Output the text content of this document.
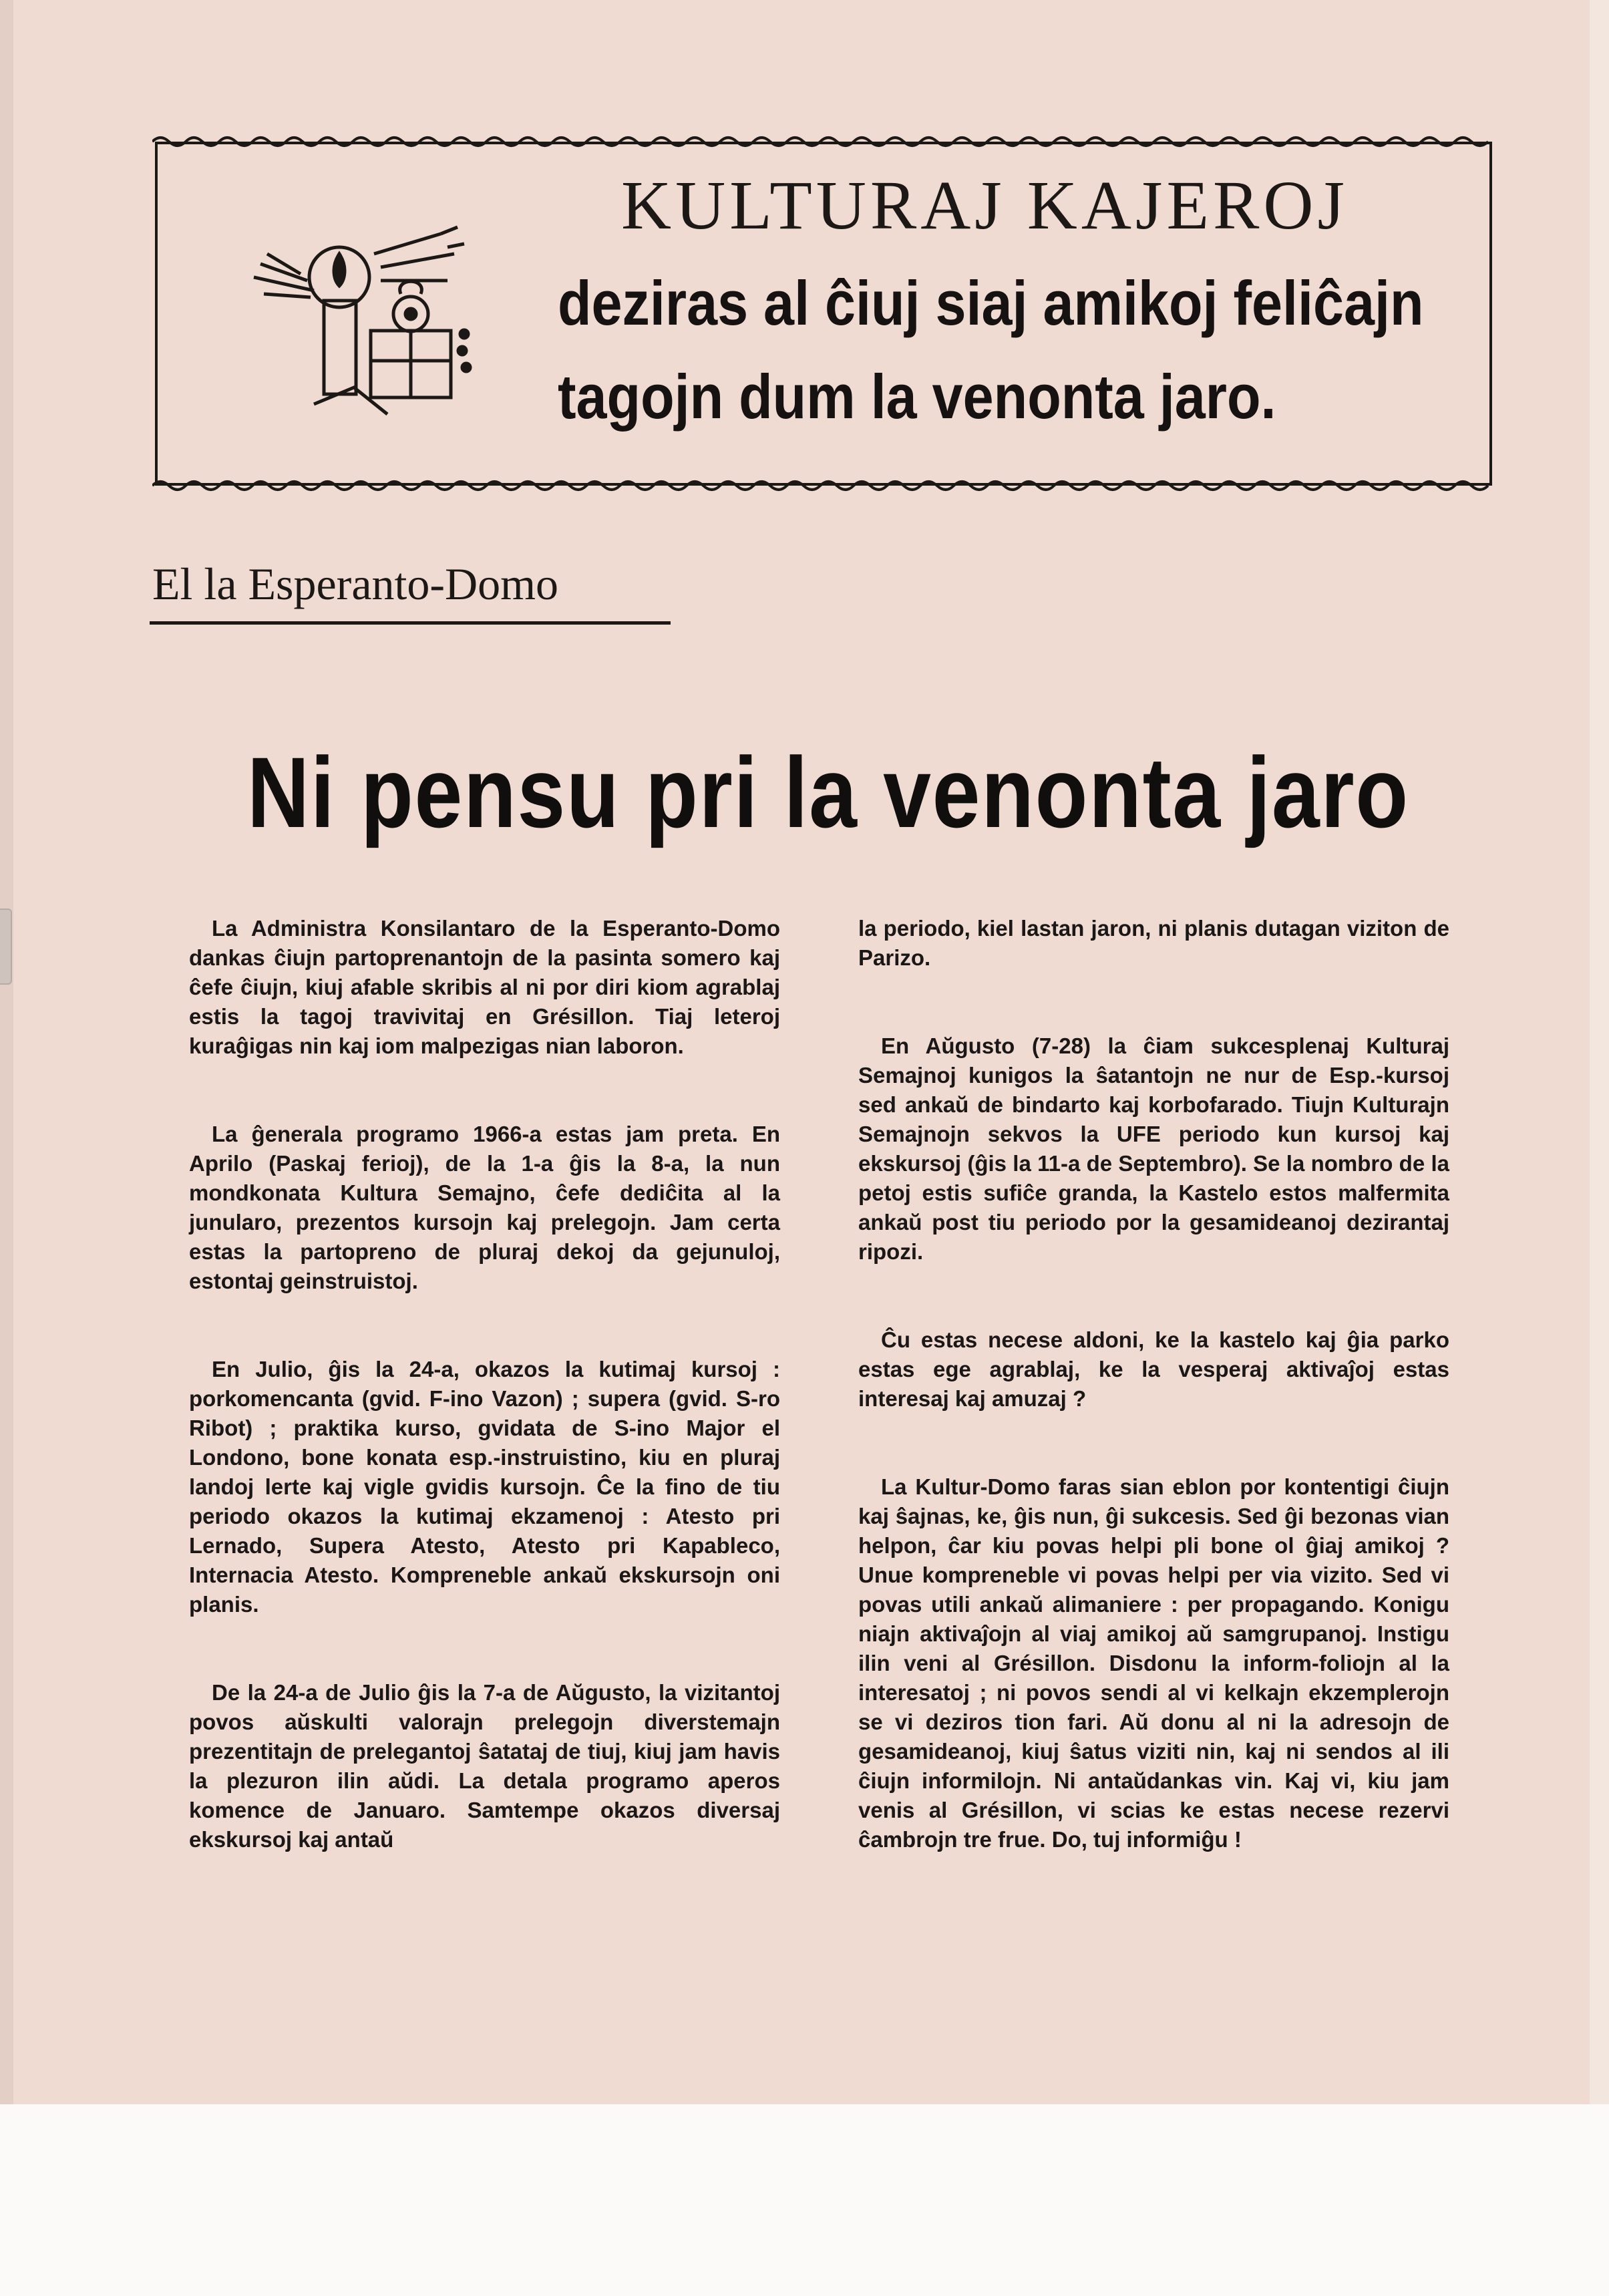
KULTURAJ KAJEROJ
deziras al ĉiuj siaj amikoj feliĉajn
tagojn dum la venonta jaro.
El la Esperanto-Domo
Ni pensu pri la venonta jaro

La Administra Konsilantaro de la Esperanto-Domo dankas ĉiujn partoprenantojn de la pasinta somero kaj ĉefe ĉiujn, kiuj afable skribis al ni por diri kiom agrablaj estis la tagoj travivitaj en Grésillon. Tiaj leteroj kuraĝigas nin kaj iom malpezigas nian laboron.

La ĝenerala programo 1966-a estas jam preta. En Aprilo (Paskaj ferioj), de la 1-a ĝis la 8-a, la nun mondkonata Kultura Semajno, ĉefe dediĉita al la junularo, prezentos kursojn kaj prelegojn. Jam certa estas la partopreno de pluraj dekoj da gejunuloj, estontaj geinstruistoj.

En Julio, ĝis la 24-a, okazos la kutimaj kursoj : porkomencanta (gvid. F-ino Vazon) ; supera (gvid. S-ro Ribot) ; praktika kurso, gvidata de S-ino Major el Londono, bone konata esp.-instruistino, kiu en pluraj landoj lerte kaj vigle gvidis kursojn. Ĉe la fino de tiu periodo okazos la kutimaj ekzamenoj : Atesto pri Lernado, Supera Atesto, Atesto pri Kapableco, Internacia Atesto. Kompreneble ankaŭ ekskursojn oni planis.

De la 24-a de Julio ĝis la 7-a de Aŭgusto, la vizitantoj povos aŭskulti valorajn prelegojn diverstemajn prezentitajn de prelegantoj ŝatataj de tiuj, kiuj jam havis la plezuron ilin aŭdi. La detala programo aperos komence de Januaro. Samtempe okazos diversaj ekskursoj kaj antaŭ

la periodo, kiel lastan jaron, ni planis dutagan viziton de Parizo.

En Aŭgusto (7-28) la ĉiam sukcesplenaj Kulturaj Semajnoj kunigos la ŝatantojn ne nur de Esp.-kursoj sed ankaŭ de bindarto kaj korbofarado. Tiujn Kulturajn Semajnojn sekvos la UFE periodo kun kursoj kaj ekskursoj (ĝis la 11-a de Septembro). Se la nombro de la petoj estis sufiĉe granda, la Kastelo estos malfermita ankaŭ post tiu periodo por la gesamideanoj dezirantaj ripozi.

Ĉu estas necese aldoni, ke la kastelo kaj ĝia parko estas ege agrablaj, ke la vesperaj aktivaĵoj estas interesaj kaj amuzaj ?

La Kultur-Domo faras sian eblon por kontentigi ĉiujn kaj ŝajnas, ke, ĝis nun, ĝi sukcesis. Sed ĝi bezonas vian helpon, ĉar kiu povas helpi pli bone ol ĝiaj amikoj ? Unue kompreneble vi povas helpi per via vizito. Sed vi povas utili ankaŭ alimaniere : per propagando. Konigu niajn aktivaĵojn al viaj amikoj aŭ samgrupanoj. Instigu ilin veni al Grésillon. Disdonu la inform-foliojn al la interesatoj ; ni povos sendi al vi kelkajn ekzemplerojn se vi deziros tion fari. Aŭ donu al ni la adresojn de gesamideanoj, kiuj ŝatus viziti nin, kaj ni sendos al ili ĉiujn informilojn. Ni antaŭdankas vin. Kaj vi, kiu jam venis al Grésillon, vi scias ke estas necese rezervi ĉambrojn tre frue. Do, tuj informiĝu !
